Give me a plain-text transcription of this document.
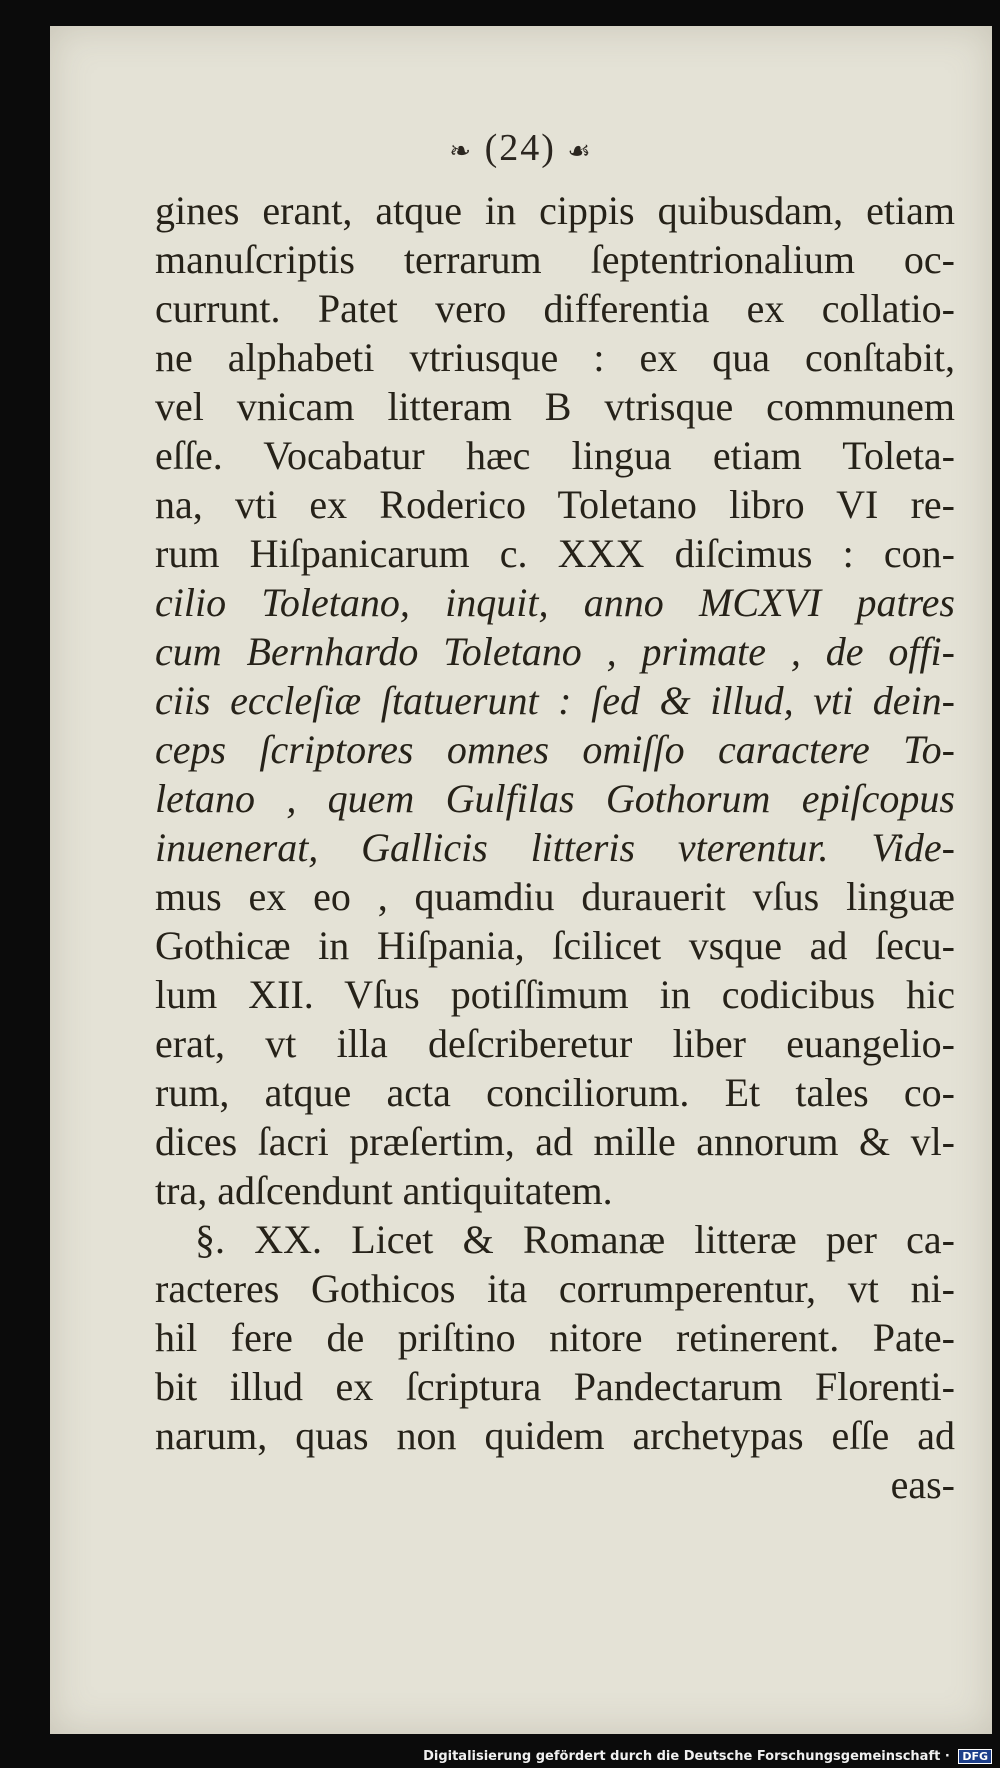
❧ (24) ☙
gines erant, atque in cippis quibusdam, etiam
manuſcriptis terrarum ſeptentrionalium oc-
currunt. Patet vero differentia ex collatio-
ne alphabeti vtriusque : ex qua conſtabit,
vel vnicam litteram B vtrisque communem
eſſe. Vocabatur hæc lingua etiam Toleta-
na, vti ex Roderico Toletano libro VI re-
rum Hiſpanicarum c. XXX diſcimus : con-
cilio Toletano, inquit, anno MCXVI patres
cum Bernhardo Toletano , primate , de offi-
ciis eccleſiæ ſtatuerunt : ſed & illud, vti dein-
ceps ſcriptores omnes omiſſo caractere To-
letano , quem Gulfilas Gothorum epiſcopus
inuenerat, Gallicis litteris vterentur. Vide-
mus ex eo , quamdiu durauerit vſus linguæ
Gothicæ in Hiſpania, ſcilicet vsque ad ſecu-
lum XII. Vſus potiſſimum in codicibus hic
erat, vt illa deſcriberetur liber euangelio-
rum, atque acta conciliorum. Et tales co-
dices ſacri præſertim, ad mille annorum & vl-
tra, adſcendunt antiquitatem.
§. XX. Licet & Romanæ litteræ per ca-
racteres Gothicos ita corrumperentur, vt ni-
hil fere de priſtino nitore retinerent. Pate-
bit illud ex ſcriptura Pandectarum Florenti-
narum, quas non quidem archetypas eſſe ad
eas-
Digitalisierung gefördert durch die Deutsche Forschungsgemeinschaft · DFG
